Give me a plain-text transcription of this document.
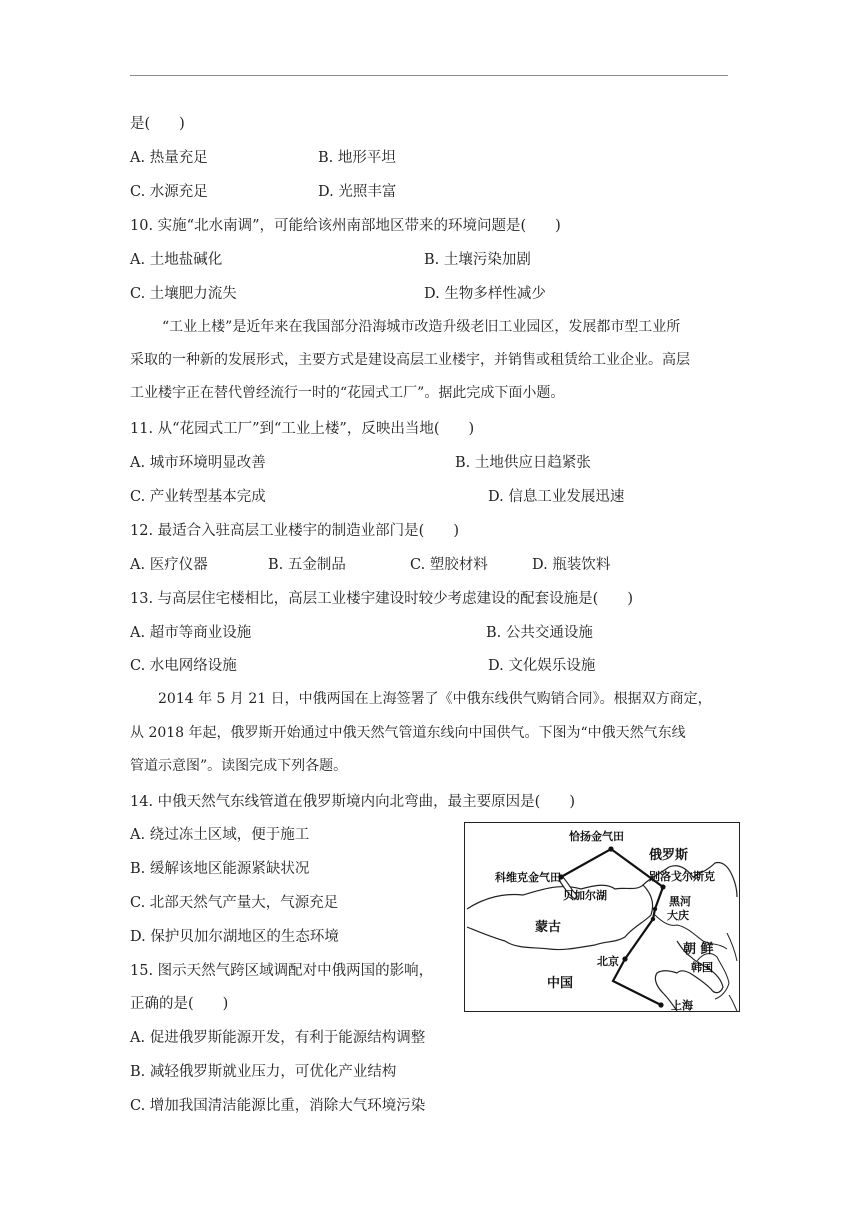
是(　　)
A. 热量充足	B. 地形平坦
C. 水源充足	D. 光照丰富
10. 实施“北水南调”，可能给该州南部地区带来的环境问题是(　　)
A. 土地盐碱化	B. 土壤污染加剧
C. 土壤肥力流失	D. 生物多样性减少
“工业上楼”是近年来在我国部分沿海城市改造升级老旧工业园区，发展都市型工业所
采取的一种新的发展形式，主要方式是建设高层工业楼宇，并销售或租赁给工业企业。高层
工业楼宇正在替代曾经流行一时的“花园式工厂”。据此完成下面小题。
11. 从“花园式工厂”到“工业上楼”，反映出当地(　　)
A. 城市环境明显改善	B. 土地供应日趋紧张
C. 产业转型基本完成	D. 信息工业发展迅速
12. 最适合入驻高层工业楼宇的制造业部门是(　　)
A. 医疗仪器	B. 五金制品	C. 塑胶材料	D. 瓶装饮料
13. 与高层住宅楼相比，高层工业楼宇建设时较少考虑建设的配套设施是(　　)
A. 超市等商业设施	B. 公共交通设施
C. 水电网络设施	D. 文化娱乐设施
2014 年 5 月 21 日，中俄两国在上海签署了《中俄东线供气购销合同》。根据双方商定，
从 2018 年起，俄罗斯开始通过中俄天然气管道东线向中国供气。下图为“中俄天然气东线
管道示意图”。读图完成下列各题。
14. 中俄天然气东线管道在俄罗斯境内向北弯曲，最主要原因是(　　)
A. 绕过冻土区域，便于施工
B. 缓解该地区能源紧缺状况
C. 北部天然气产量大，气源充足
D. 保护贝加尔湖地区的生态环境
15. 图示天然气跨区域调配对中俄两国的影响，
正确的是(　　)
A. 促进俄罗斯能源开发，有利于能源结构调整
B. 减轻俄罗斯就业压力，可优化产业结构
C. 增加我国清洁能源比重，消除大气环境污染
恰扬金气田
俄罗斯
科维克金气田	别洛戈尔斯克
贝加尔湖	黑河
大庆
蒙古
朝 鲜
韩国
北京
中国
上海
